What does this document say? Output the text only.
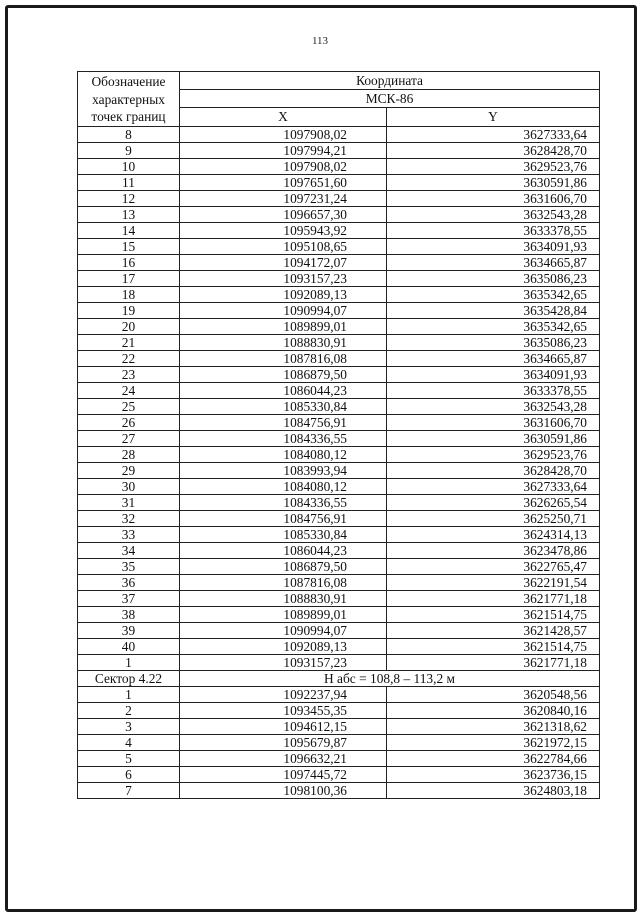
113
Обозначение характерных точек границ	Координата	
	МСК-86	
	X	Y
8	1097908,02	3627333,64
9	1097994,21	3628428,70
10	1097908,02	3629523,76
11	1097651,60	3630591,86
12	1097231,24	3631606,70
13	1096657,30	3632543,28
14	1095943,92	3633378,55
15	1095108,65	3634091,93
16	1094172,07	3634665,87
17	1093157,23	3635086,23
18	1092089,13	3635342,65
19	1090994,07	3635428,84
20	1089899,01	3635342,65
21	1088830,91	3635086,23
22	1087816,08	3634665,87
23	1086879,50	3634091,93
24	1086044,23	3633378,55
25	1085330,84	3632543,28
26	1084756,91	3631606,70
27	1084336,55	3630591,86
28	1084080,12	3629523,76
29	1083993,94	3628428,70
30	1084080,12	3627333,64
31	1084336,55	3626265,54
32	1084756,91	3625250,71
33	1085330,84	3624314,13
34	1086044,23	3623478,86
35	1086879,50	3622765,47
36	1087816,08	3622191,54
37	1088830,91	3621771,18
38	1089899,01	3621514,75
39	1090994,07	3621428,57
40	1092089,13	3621514,75
1	1093157,23	3621771,18
Сектор 4.22	Н абс = 108,8 – 113,2 м	
1	1092237,94	3620548,56
2	1093455,35	3620840,16
3	1094612,15	3621318,62
4	1095679,87	3621972,15
5	1096632,21	3622784,66
6	1097445,72	3623736,15
7	1098100,36	3624803,18
